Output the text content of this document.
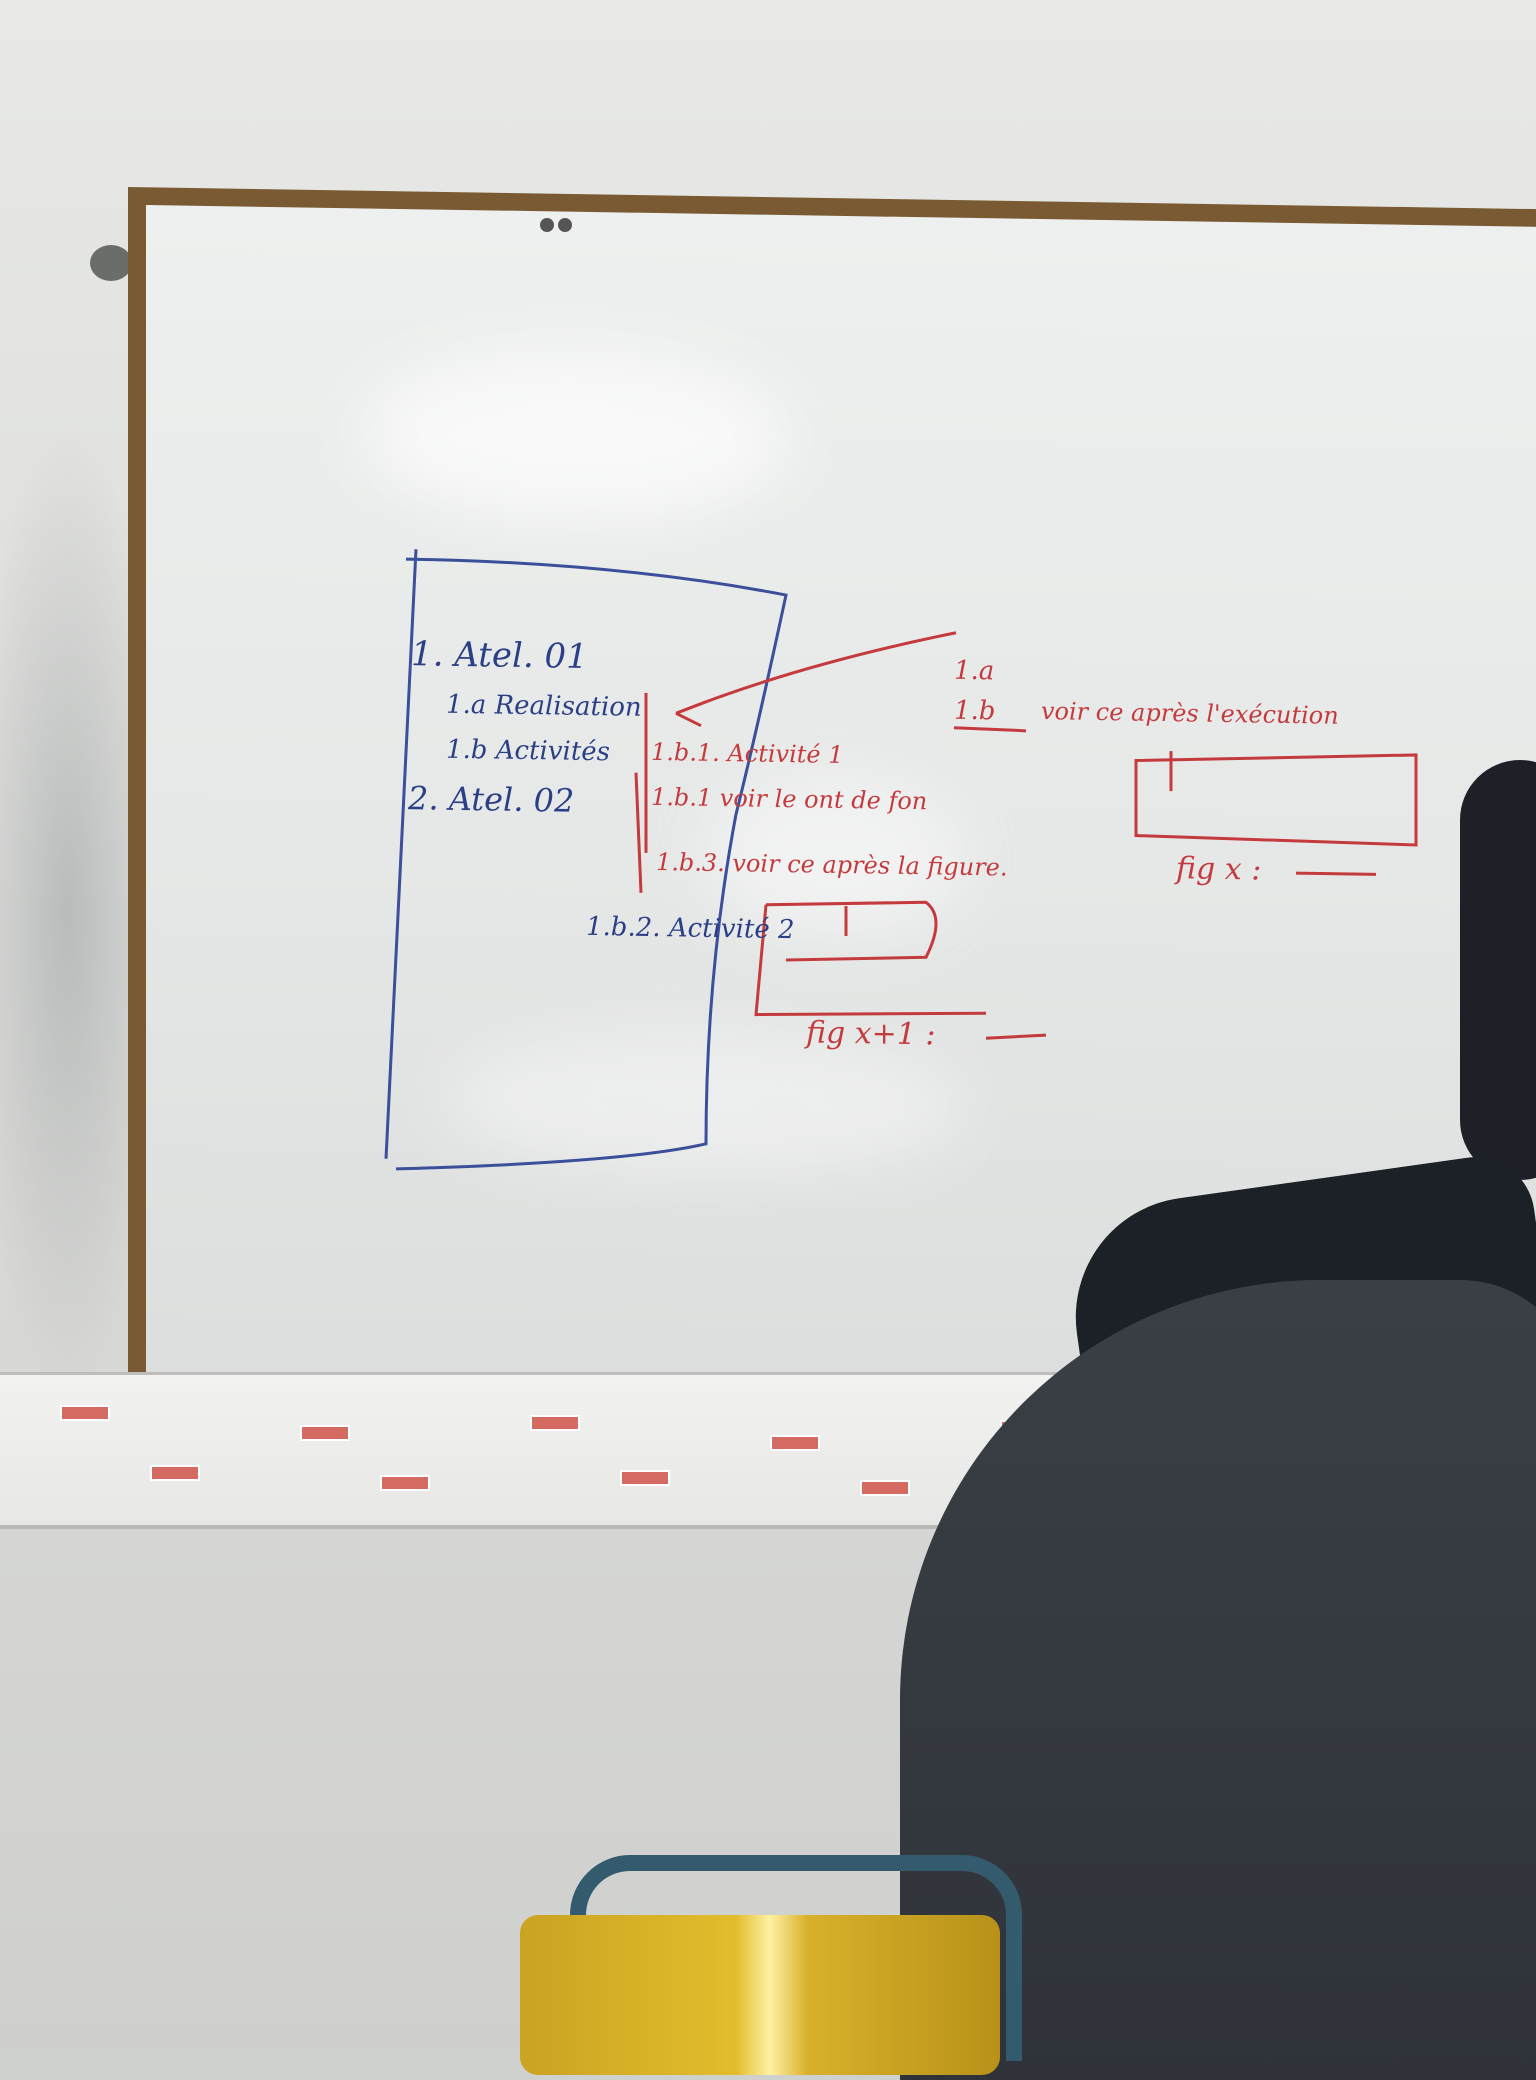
1. Atel. 01
1.a Realisation
1.b Activités
2. Atel. 02
1.b.2. Activité 2
1.a
1.b voir ce après l'exécution
1.b.1. Activité 1
1.b.1 voir le ont de fon
1.b.3. voir ce après la figure.	fig x :
fig x+1 :
